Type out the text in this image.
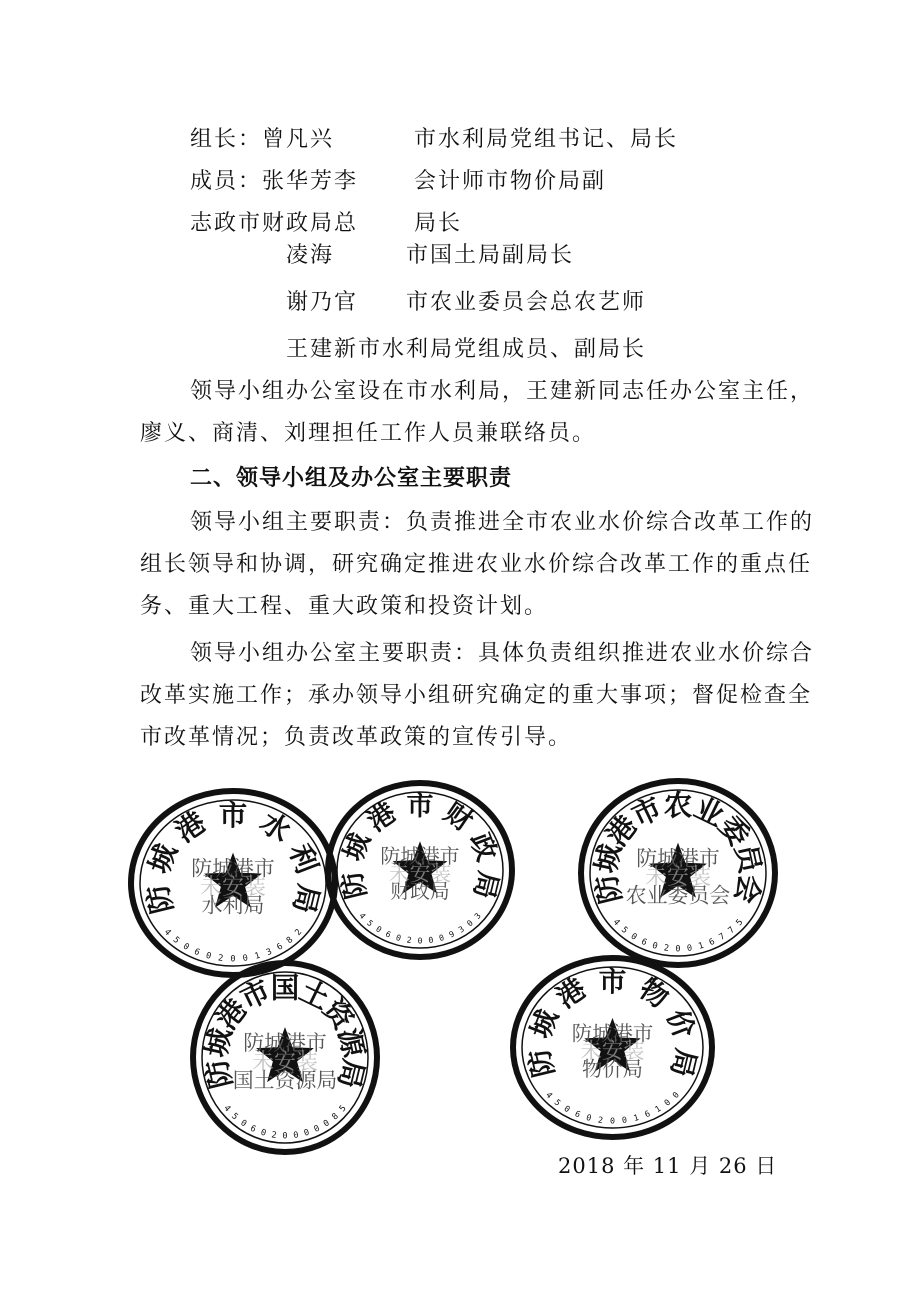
组长：曾凡兴	市水利局党组书记、局长
成员：张华芳李	会计师市物价局副
志政市财政局总	局长
凌海	市国土局副局长
谢乃官 市农业委员会总农艺师
王建新市水利局党组成员、副局长
领导小组办公室设在市水利局，王建新同志任办公室主任，
廖义、商清、刘理担任工作人员兼联络员。
二、领导小组及办公室主要职责
领导小组主要职责：负责推进全市农业水价综合改革工作的
组长领导和协调，研究确定推进农业水价综合改革工作的重点任
务、重大工程、重大政策和投资计划。
领导小组办公室主要职责：具体负责组织推进农业水价综合
改革实施工作；承办领导小组研究确定的重大事项；督促检查全
市改革情况；负责改革政策的宣传引导。
防
城
港 市 水
利
局
防城港市
水利局
未安装
4
5
0 6 0 2 0 0 1 3 6
8
2
防
城
港 市 财
政
局
防城港市
财政局
未安装
4
5
0 6 0 2 0 0 0 9 3
0
3
防
城
港
市
农
业
委
员
会
防城港市
农业委员会
未安装
4
5
0 6 0 2 0 0 1 6 7
7
5
防
城
港
市
国
土
资
源
局
防城港市
国土资源局
未安装
4
5
0 6 0 2 0 0 0 0 0
8
5
防
城
港 市 物
价
局
防城港市
物价局
未安装
4
5
0 6 0 2 0 0 1 6 1
0
0
2018 年 11 月 26 日
